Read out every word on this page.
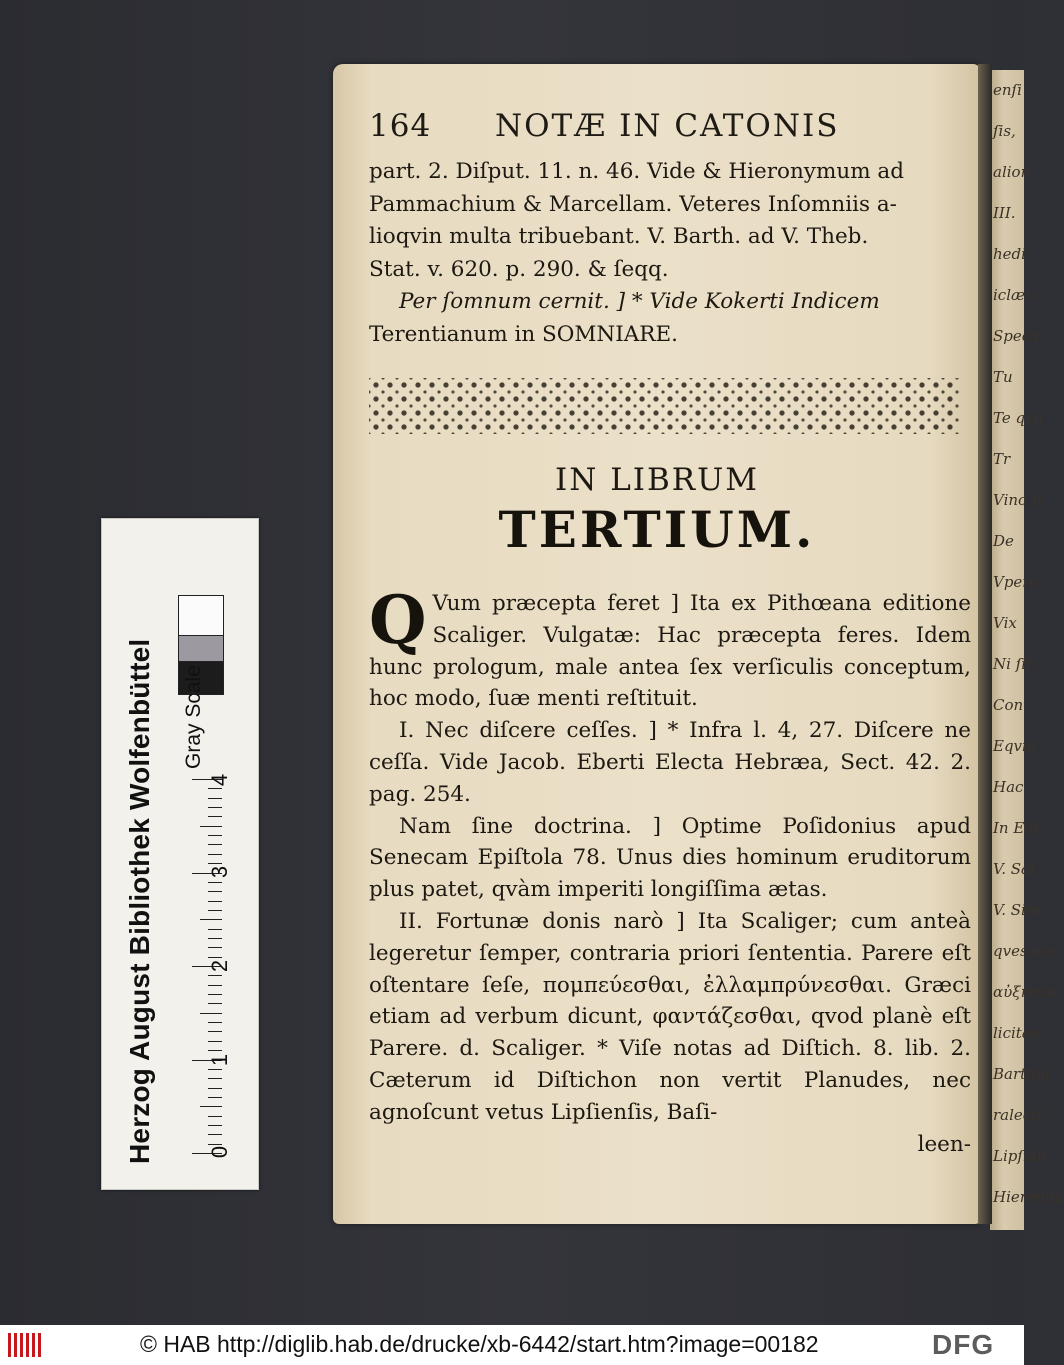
enſi
ſis,
alion
III.
hedi
iclæu
Speca
Tu
Te qvo
Tr
Vino p
De
Vpere
Vix
Ni ſit,
Con
Eqvia
Hac
In Edi
V. Sal
V. Sim
qves ma
αὐξήσεσ
licitas
Barthiu
ralecti
Lipſien
Hieremia
164 NOTÆ IN CATONIS

part. 2. Diſput. 11. n. 46. Vide & Hieronymum ad

Pammachium & Marcellam. Veteres Inſomniis a-

lioqvin multa tribuebant. V. Barth. ad V. Theb.

Stat. v. 620. p. 290. & ſeqq.

Per ſomnum cernit. ] * Vide Kokerti Indicem

Terentianum in SOMNIARE.

IN LIBRUM
TERTIUM.

Q Vum præcepta feret ] Ita ex Pithœana editione Scaliger. Vulgatæ: Hac præcepta feres. Idem hunc prologum, male antea ſex verſiculis conceptum, hoc modo, ſuæ menti reſtituit.

I. Nec diſcere ceſſes. ] * Infra l. 4, 27. Diſcere ne ceſſa. Vide Jacob. Eberti Electa Hebræa, Sect. 42. 2. pag. 254.

Nam ſine doctrina. ] Optime Poſidonius apud Senecam Epiſtola 78. Unus dies hominum eruditorum plus patet, qvàm imperiti longiſſima ætas.

II. Fortunæ donis narò ] Ita Scaliger; cum anteà legeretur ſemper, contraria priori ſententia. Parere eſt oſtentare ſeſe, πομπεύεσθαι, ἐλλαμπρύνεσθαι. Græci etiam ad verbum dicunt, φαντάζεσθαι, qvod planè eſt Parere. d. Scaliger. * Viſe notas ad Diſtich. 8. lib. 2. Cæterum id Diſtichon non vertit Planudes, nec agnoſcunt vetus Lipſienſis, Baſi-

leen-

Herzog August Bibliothek Wolfenbüttel Gray Scale
0
1
2
3
4
© HAB http://diglib.hab.de/drucke/xb-6442/start.htm?image=00182	DFG
